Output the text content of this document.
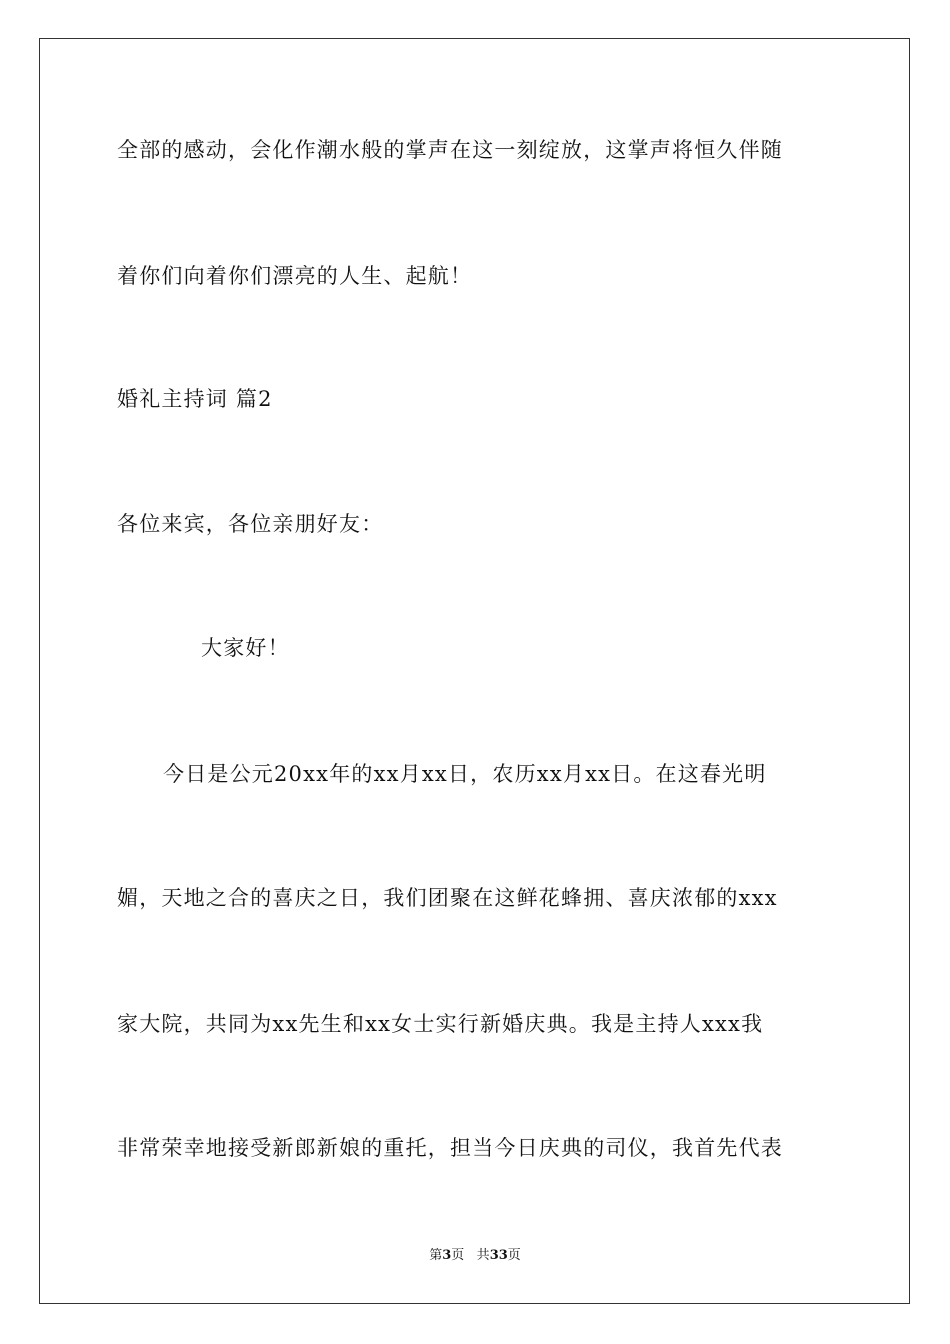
全部的感动，会化作潮水般的掌声在这一刻绽放，这掌声将恒久伴随
着你们向着你们漂亮的人生、起航！
婚礼主持词 篇2
各位来宾，各位亲朋好友：
大家好！
今日是公元20xx年的xx月xx日，农历xx月xx日。在这春光明
媚，天地之合的喜庆之日，我们团聚在这鲜花蜂拥、喜庆浓郁的xxx
家大院，共同为xx先生和xx女士实行新婚庆典。我是主持人xxx我
非常荣幸地接受新郎新娘的重托，担当今日庆典的司仪，我首先代表
第3页 共33页
